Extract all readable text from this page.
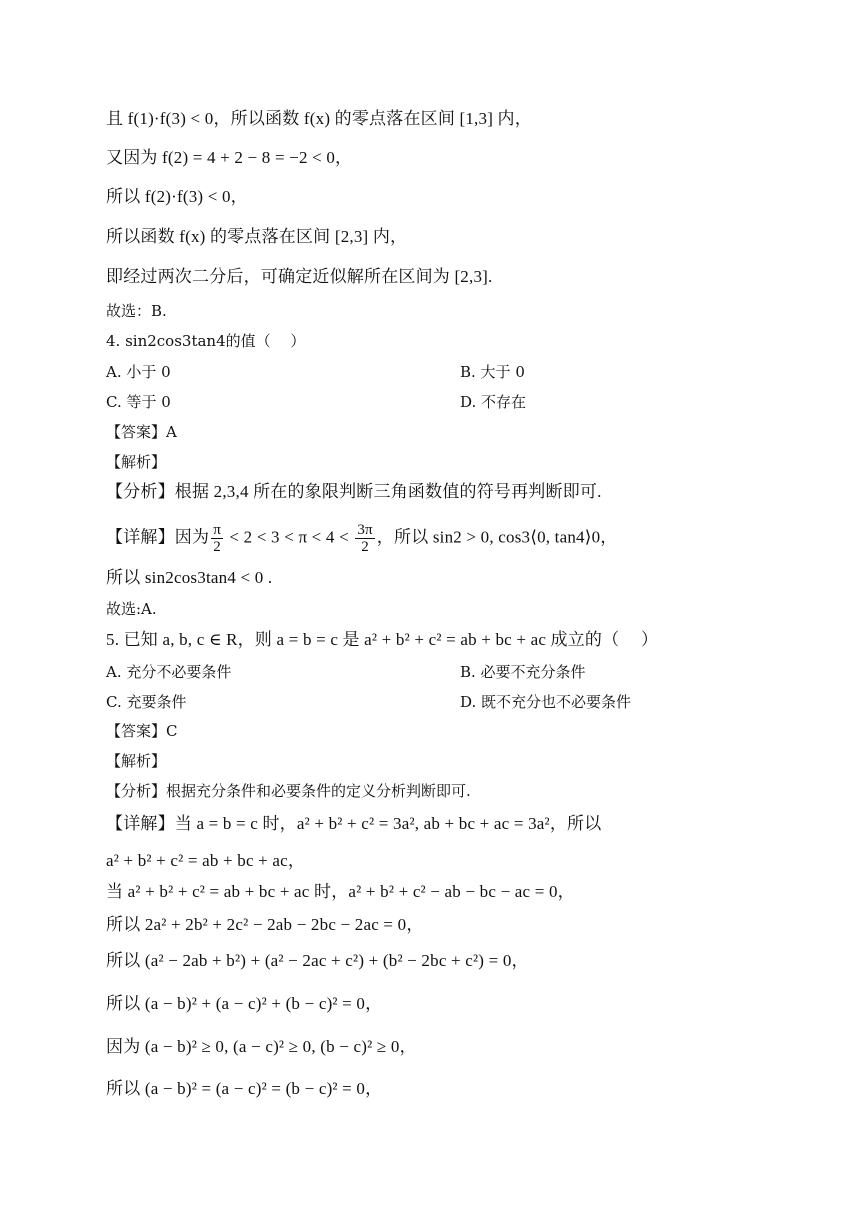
且 f(1)·f(3) < 0，所以函数 f(x) 的零点落在区间 [1,3] 内，
又因为 f(2) = 4 + 2 − 8 = −2 < 0，
所以 f(2)·f(3) < 0，
所以函数 f(x) 的零点落在区间 [2,3] 内，
即经过两次二分后，可确定近似解所在区间为 [2,3].
故选：B.
4. sin2cos3tan4的值（　 ）
A. 小于 0	B. 大于 0
C. 等于 0	D. 不存在
【答案】A
【解析】
【分析】根据 2,3,4 所在的象限判断三角函数值的符号再判断即可.
【详解】因为 $\frac{\pi}{2} < 2 < 3 < \pi < 4 < \frac{3\pi}{2}$ ，所以 sin2 > 0, cos3⟨0, tan4⟩0，
所以 sin2cos3tan4 < 0 .
故选:A.
5. 已知 a, b, c ∈ R，则 a = b = c 是 a² + b² + c² = ab + bc + ac 成立的（　 ）
A. 充分不必要条件	B. 必要不充分条件
C. 充要条件	D. 既不充分也不必要条件
【答案】C
【解析】
【分析】根据充分条件和必要条件的定义分析判断即可.
【详解】当 a = b = c 时，a² + b² + c² = 3a², ab + bc + ac = 3a²，所以
a² + b² + c² = ab + bc + ac，
当 a² + b² + c² = ab + bc + ac 时，a² + b² + c² − ab − bc − ac = 0，
所以 2a² + 2b² + 2c² − 2ab − 2bc − 2ac = 0，
所以 (a² − 2ab + b²) + (a² − 2ac + c²) + (b² − 2bc + c²) = 0，
所以 (a − b)² + (a − c)² + (b − c)² = 0，
因为 (a − b)² ≥ 0, (a − c)² ≥ 0, (b − c)² ≥ 0，
所以 (a − b)² = (a − c)² = (b − c)² = 0，
